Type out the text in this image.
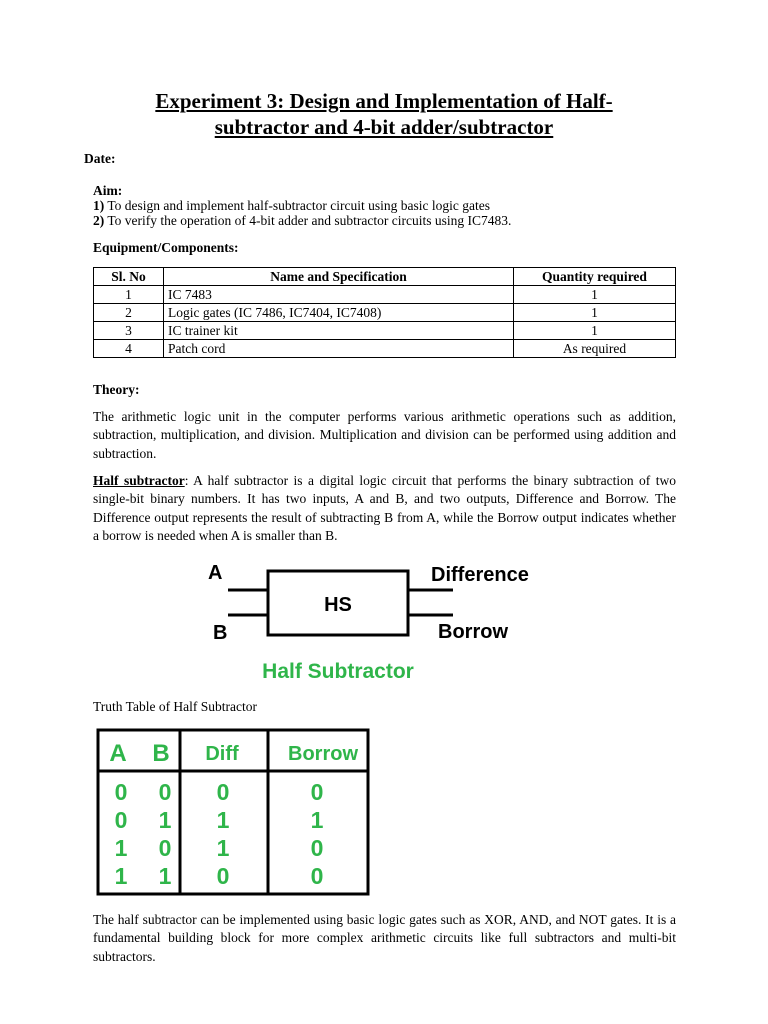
Experiment 3: Design and Implementation of Half-
subtractor and 4-bit adder/subtractor
Date:
Aim:
1) To design and implement half-subtractor circuit using basic logic gates
2) To verify the operation of 4-bit adder and subtractor circuits using IC7483.
Equipment/Components:
Sl. No	Name and Specification	Quantity required
1	IC 7483	1
2	Logic gates (IC 7486, IC7404, IC7408)	1
3	IC trainer kit	1
4	Patch cord	As required
Theory:
The arithmetic logic unit in the computer performs various arithmetic operations such as addition, subtraction, multiplication, and division. Multiplication and division can be performed using addition and subtraction.
Half subtractor: A half subtractor is a digital logic circuit that performs the binary subtraction of two single-bit binary numbers. It has two inputs, A and B, and two outputs, Difference and Borrow. The Difference output represents the result of subtracting B from A, while the Borrow output indicates whether a borrow is needed when A is smaller than B.
A
B
HS
Difference
Borrow
Half Subtractor
Truth Table of Half Subtractor
A B Diff Borrow
0 0 0	0
0 1 1	1
1 0 1	0
1 1 0	0
The half subtractor can be implemented using basic logic gates such as XOR, AND, and NOT gates. It is a fundamental building block for more complex arithmetic circuits like full subtractors and multi-bit subtractors.
